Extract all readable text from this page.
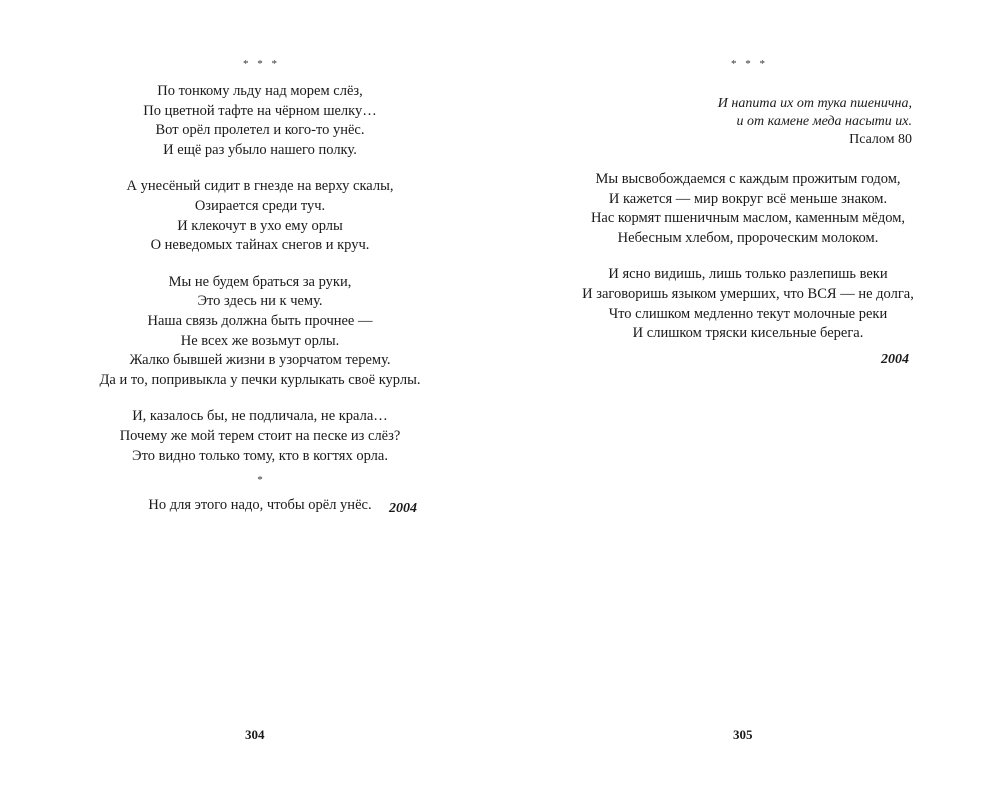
* * *
По тонкому льду над морем слёз,
По цветной тафте на чёрном шелку…
Вот орёл пролетел и кого-то унёс.
И ещё раз убыло нашего полку.
А унесёный сидит в гнезде на верху скалы,
Озирается среди туч.
И клекочут в ухо ему орлы
О неведомых тайнах снегов и круч.
Мы не будем браться за руки,
Это здесь ни к чему.
Наша связь должна быть прочнее —
Не всех же возьмут орлы.
Жалко бывшей жизни в узорчатом терему.
Да и то, попривыкла у печки курлыкать своё курлы.
И, казалось бы, не подличала, не крала…
Почему же мой терем стоит на песке из слёз?
Это видно только тому, кто в когтях орла.
*
Но для этого надо, чтобы орёл унёс.	2004
304
* * *
И напита их от тука пшенична,
и от камене меда насыти их.
Псалом 80
Мы высвобождаемся с каждым прожитым годом,
И кажется — мир вокруг всё меньше знаком.
Нас кормят пшеничным маслом, каменным мёдом,
Небесным хлебом, пророческим молоком.
И ясно видишь, лишь только разлепишь веки
И заговоришь языком умерших, что ВСЯ — не долга,
Что слишком медленно текут молочные реки
И слишком тряски кисельные берега.
2004
305
